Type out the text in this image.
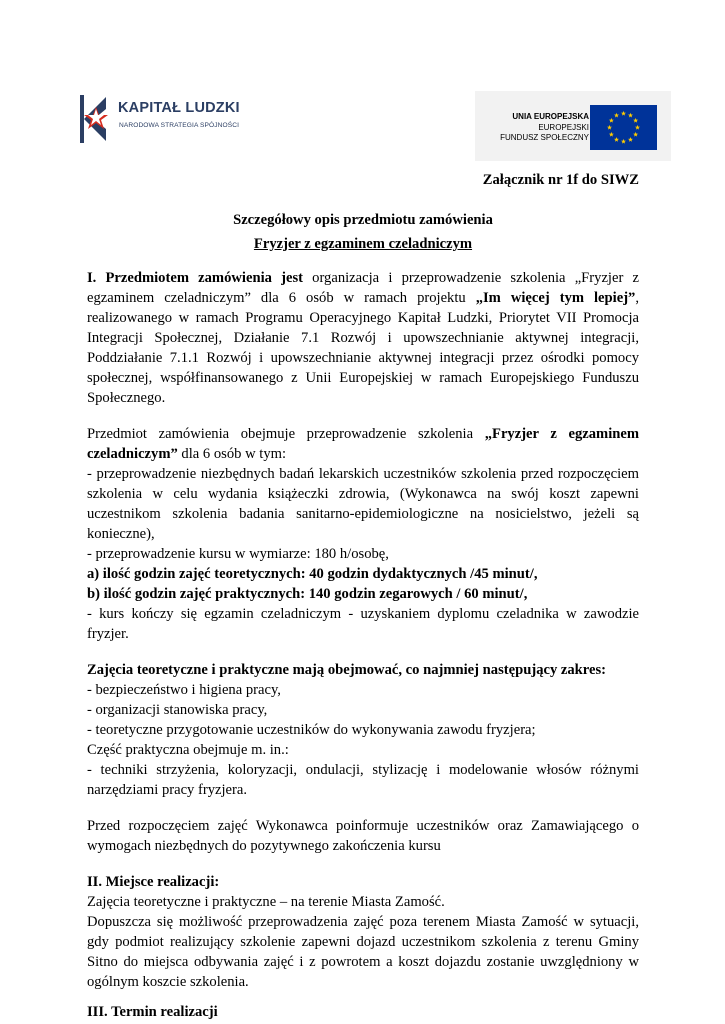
KAPITAŁ LUDZKI
NARODOWA STRATEGIA SPÓJNOŚCI
UNIA EUROPEJSKA
EUROPEJSKI
FUNDUSZ SPOŁECZNY
Załącznik nr 1f do SIWZ
Szczegółowy opis przedmiotu zamówienia
Fryzjer z egzaminem czeladniczym
I. Przedmiotem zamówienia jest organizacja i przeprowadzenie szkolenia „Fryzjer z
egzaminem czeladniczym” dla 6 osób w ramach projektu „Im więcej tym lepiej”,
realizowanego w ramach Programu Operacyjnego Kapitał Ludzki, Priorytet VII Promocja
Integracji Społecznej, Działanie 7.1 Rozwój i upowszechnianie aktywnej integracji,
Poddziałanie 7.1.1 Rozwój i upowszechnianie aktywnej integracji przez ośrodki pomocy
społecznej, współfinansowanego z Unii Europejskiej w ramach Europejskiego Funduszu
Społecznego.
Przedmiot zamówienia obejmuje przeprowadzenie szkolenia „Fryzjer z egzaminem
czeladniczym” dla 6 osób w tym:
- przeprowadzenie niezbędnych badań lekarskich uczestników szkolenia przed rozpoczęciem
szkolenia w celu wydania książeczki zdrowia, (Wykonawca na swój koszt zapewni
uczestnikom szkolenia badania sanitarno-epidemiologiczne na nosicielstwo, jeżeli są
konieczne),
- przeprowadzenie kursu w wymiarze: 180 h/osobę,
a) ilość godzin zajęć teoretycznych: 40 godzin dydaktycznych /45 minut/,
b) ilość godzin zajęć praktycznych: 140 godzin zegarowych / 60 minut/,
- kurs kończy się egzamin czeladniczym - uzyskaniem dyplomu czeladnika w zawodzie
fryzjer.
Zajęcia teoretyczne i praktyczne mają obejmować, co najmniej następujący zakres:
- bezpieczeństwo i higiena pracy,
- organizacji stanowiska pracy,
- teoretyczne przygotowanie uczestników do wykonywania zawodu fryzjera;
Część praktyczna obejmuje m. in.:
- techniki strzyżenia, koloryzacji, ondulacji, stylizację i modelowanie włosów różnymi
narzędziami pracy fryzjera.
Przed rozpoczęciem zajęć Wykonawca poinformuje uczestników oraz Zamawiającego o
wymogach niezbędnych do pozytywnego zakończenia kursu
II. Miejsce realizacji:
Zajęcia teoretyczne i praktyczne – na terenie Miasta Zamość.
Dopuszcza się możliwość przeprowadzenia zajęć poza terenem Miasta Zamość w sytuacji,
gdy podmiot realizujący szkolenie zapewni dojazd uczestnikom szkolenia z terenu Gminy
Sitno do miejsca odbywania zajęć i z powrotem a koszt dojazdu zostanie uwzględniony w
ogólnym koszcie szkolenia.
III. Termin realizacji
